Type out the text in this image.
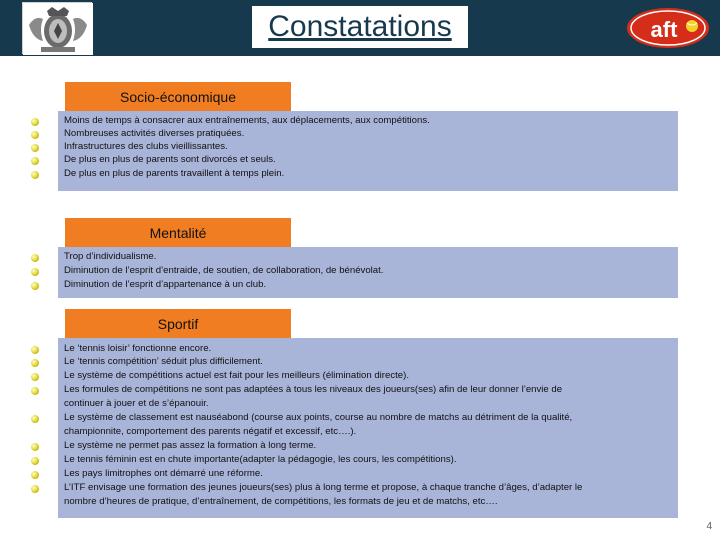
Constatations	aft
Socio-économique
Moins de temps à consacrer aux entraînements, aux déplacements, aux compétitions.
Nombreuses activités diverses pratiquées.
Infrastructures des clubs vieillissantes.
De plus en plus de parents sont divorcés et seuls.
De plus en plus de parents travaillent à temps plein.
Mentalité
Trop d’individualisme.
Diminution de l’esprit d’entraide, de soutien, de collaboration, de bénévolat.
Diminution de l’esprit d’appartenance à un club.
Sportif
Le ‘tennis loisir’ fonctionne encore.
Le ‘tennis compétition’ séduit plus difficilement.
Le système de compétitions actuel est fait pour les meilleurs (élimination directe).
Les formules de compétitions ne sont pas adaptées à tous les niveaux des joueurs(ses) afin de leur donner l’envie de
continuer à jouer et de s’épanouir.
Le système de classement est nauséabond (course aux points, course au nombre de matchs au détriment de la qualité,
championnite, comportement des parents négatif et excessif, etc….).
Le système ne permet pas assez la formation à long terme.
Le tennis féminin est en chute importante(adapter la pédagogie, les cours, les compétitions).
Les pays limitrophes ont démarré une réforme.
L’ITF envisage une formation des jeunes joueurs(ses) plus à long terme et propose, à chaque tranche d’âges, d’adapter le
nombre d’heures de pratique, d’entraînement, de compétitions, les formats de jeu et de matchs, etc….
4
